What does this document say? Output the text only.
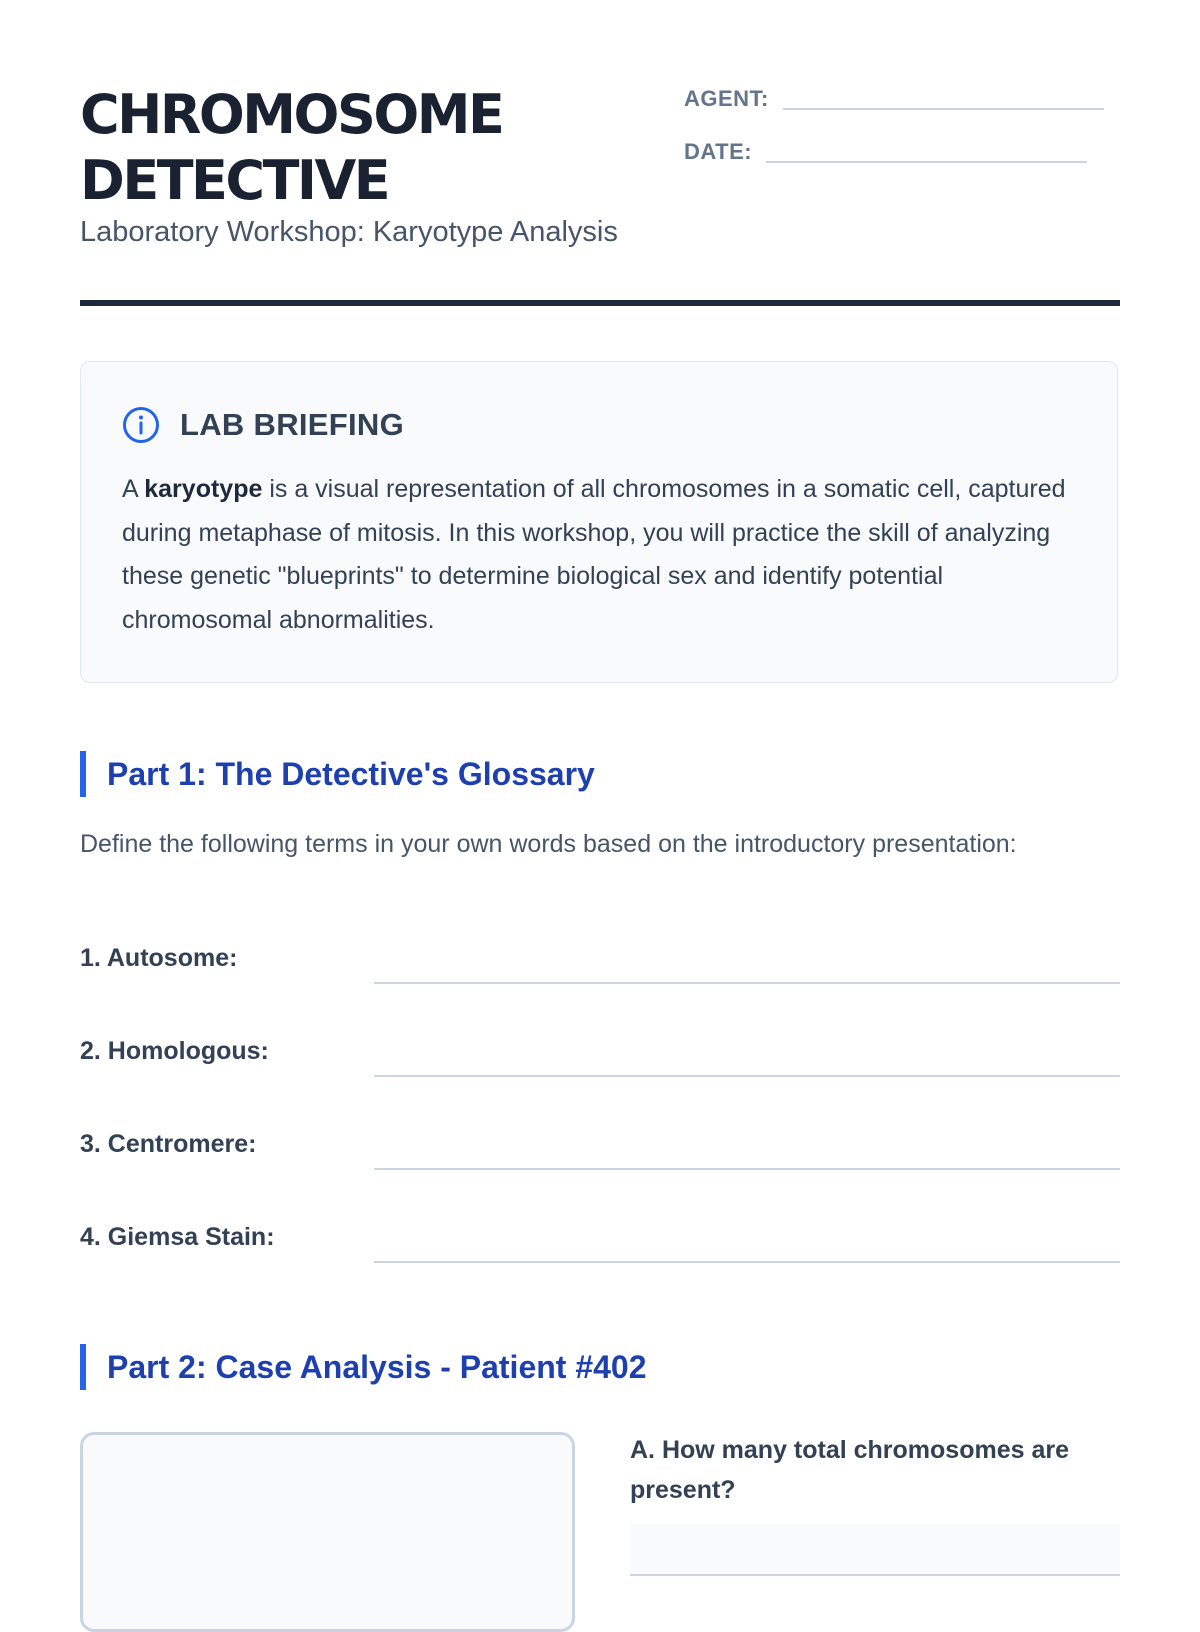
CHROMOSOME
DETECTIVE
Laboratory Workshop: Karyotype Analysis
AGENT:
DATE:
LAB BRIEFING

A karyotype is a visual representation of all chromosomes in a somatic cell, captured during metaphase of mitosis. In this workshop, you will practice the skill of analyzing these genetic "blueprints" to determine biological sex and identify potential chromosomal abnormalities.

Part 1: The Detective's Glossary

Define the following terms in your own words based on the introductory presentation:

1. Autosome:
2. Homologous:
3. Centromere:
4. Giemsa Stain:
Part 2: Case Analysis - Patient #402

A. How many total chromosomes are present?
